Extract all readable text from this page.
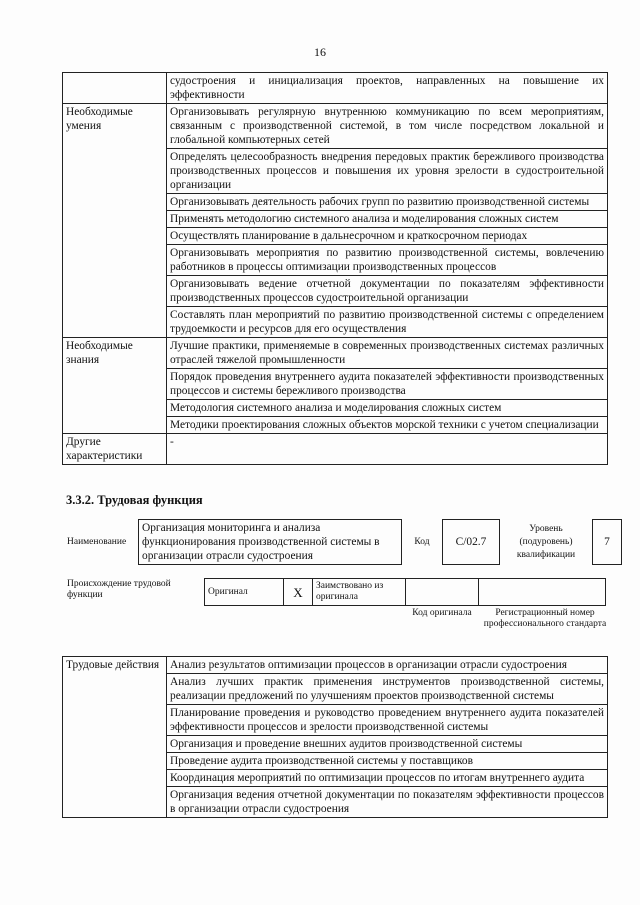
16
	судостроения и инициализация проектов, направленных на повышение их эффективности
Необходимые умения	Организовывать регулярную внутреннюю коммуникацию по всем мероприятиям, связанным с производственной системой, в том числе посредством локальной и глобальной компьютерных сетей
	Определять целесообразность внедрения передовых практик бережливого производства производственных процессов и повышения их уровня зрелости в судостроительной организации
	Организовывать деятельность рабочих групп по развитию производственной системы
	Применять методологию системного анализа и моделирования сложных систем
	Осуществлять планирование в дальнесрочном и краткосрочном периодах
	Организовывать мероприятия по развитию производственной системы, вовлечению работников в процессы оптимизации производственных процессов
	Организовывать ведение отчетной документации по показателям эффективности производственных процессов судостроительной организации
	Составлять план мероприятий по развитию производственной системы с определением трудоемкости и ресурсов для его осуществления
Необходимые знания	Лучшие практики, применяемые в современных производственных системах различных отраслей тяжелой промышленности
	Порядок проведения внутреннего аудита показателей эффективности производственных процессов и системы бережливого производства
	Методология системного анализа и моделирования сложных систем
	Методики проектирования сложных объектов морской техники с учетом специализации
Другие характеристики	-
3.3.2. Трудовая функция
Наименование	Организация мониторинга и анализа функционирования производственной системы в организации отрасли судостроения	Код	C/02.7	Уровень (подуровень) квалификации	7
Происхождение трудовой функции	Оригинал	X	Заимствовано из оригинала		
Код оригинала	Регистрационный номер профессионального стандарта
Трудовые действия	Анализ результатов оптимизации процессов в организации отрасли судостроения
Анализ лучших практик применения инструментов производственной системы, реализации предложений по улучшениям проектов производственной системы
Планирование проведения и руководство проведением внутреннего аудита показателей эффективности процессов и зрелости производственной системы
Организация и проведение внешних аудитов производственной системы
Проведение аудита производственной системы у поставщиков
Координация мероприятий по оптимизации процессов по итогам внутреннего аудита
Организация ведения отчетной документации по показателям эффективности процессов в организации отрасли судостроения
